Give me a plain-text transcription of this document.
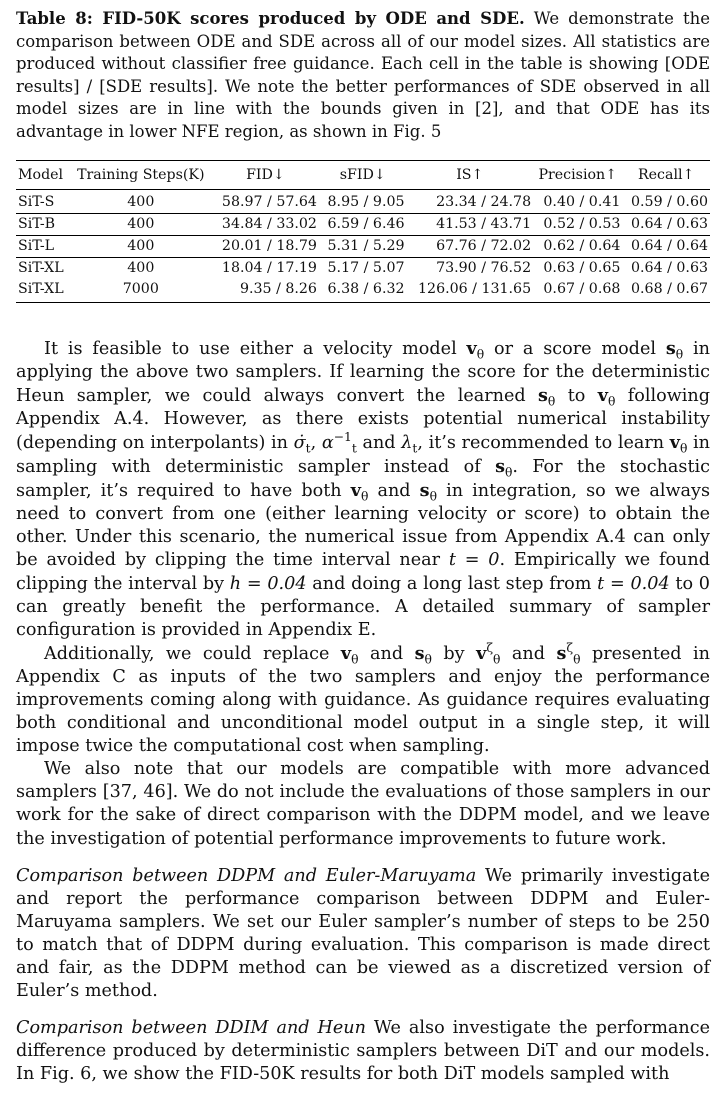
Table 8: FID-50K scores produced by ODE and SDE. We demonstrate the comparison between ODE and SDE across all of our model sizes. All statistics are produced without classifier free guidance. Each cell in the table is showing [ODE results] / [SDE results]. We note the better performances of SDE observed in all model sizes are in line with the bounds given in [2], and that ODE has its advantage in lower NFE region, as shown in Fig. 5
Model	Training Steps(K)	FID↓	sFID↓	IS↑	Precision↑	Recall↑
SiT-S	400	58.97 / 57.64	8.95 / 9.05	23.34 / 24.78	0.40 / 0.41	0.59 / 0.60
SiT-B	400	34.84 / 33.02	6.59 / 6.46	41.53 / 43.71	0.52 / 0.53	0.64 / 0.63
SiT-L	400	20.01 / 18.79	5.31 / 5.29	67.76 / 72.02	0.62 / 0.64	0.64 / 0.64
SiT-XL	400	18.04 / 17.19	5.17 / 5.07	73.90 / 76.52	0.63 / 0.65	0.64 / 0.63
SiT-XL	7000	9.35 / 8.26	6.38 / 6.32	126.06 / 131.65	0.67 / 0.68	0.68 / 0.67

It is feasible to use either a velocity model $v_\theta$ or a score model $s_\theta$ in applying the above two samplers. If learning the score for the deterministic Heun sampler, we could always convert the learned $s_\theta$ to $v_\theta$ following Appendix A.4. However, as there exists potential numerical instability (depending on interpolants) in $\sigmȧ_t$, $\alpha^{-1}_t$ and $\lambda_t$, it’s recommended to learn $v_\theta$ in sampling with deterministic sampler instead of $s_\theta$. For the stochastic sampler, it’s required to have both $v_\theta$ and $s_\theta$ in integration, so we always need to convert from one (either learning velocity or score) to obtain the other. Under this scenario, the numerical issue from Appendix A.4 can only be avoided by clipping the time interval near t = 0. Empirically we found clipping the interval by h = 0.04 and doing a long last step from t = 0.04 to 0 can greatly benefit the performance. A detailed summary of sampler configuration is provided in Appendix E.

Additionally, we could replace $v_\theta$ and $s_\theta$ by $v^\zeta_\theta$ and $s^\zeta_\theta$ presented in Appendix C as inputs of the two samplers and enjoy the performance improvements coming along with guidance. As guidance requires evaluating both conditional and unconditional model output in a single step, it will impose twice the computational cost when sampling.

We also note that our models are compatible with more advanced samplers [37, 46]. We do not include the evaluations of those samplers in our work for the sake of direct comparison with the DDPM model, and we leave the investigation of potential performance improvements to future work.

Comparison between DDPM and Euler-Maruyama We primarily investigate and report the performance comparison between DDPM and Euler-Maruyama samplers. We set our Euler sampler’s number of steps to be 250 to match that of DDPM during evaluation. This comparison is made direct and fair, as the DDPM method can be viewed as a discretized version of Euler’s method.

Comparison between DDIM and Heun We also investigate the performance difference produced by deterministic samplers between DiT and our models. In Fig. 6, we show the FID-50K results for both DiT models sampled with
